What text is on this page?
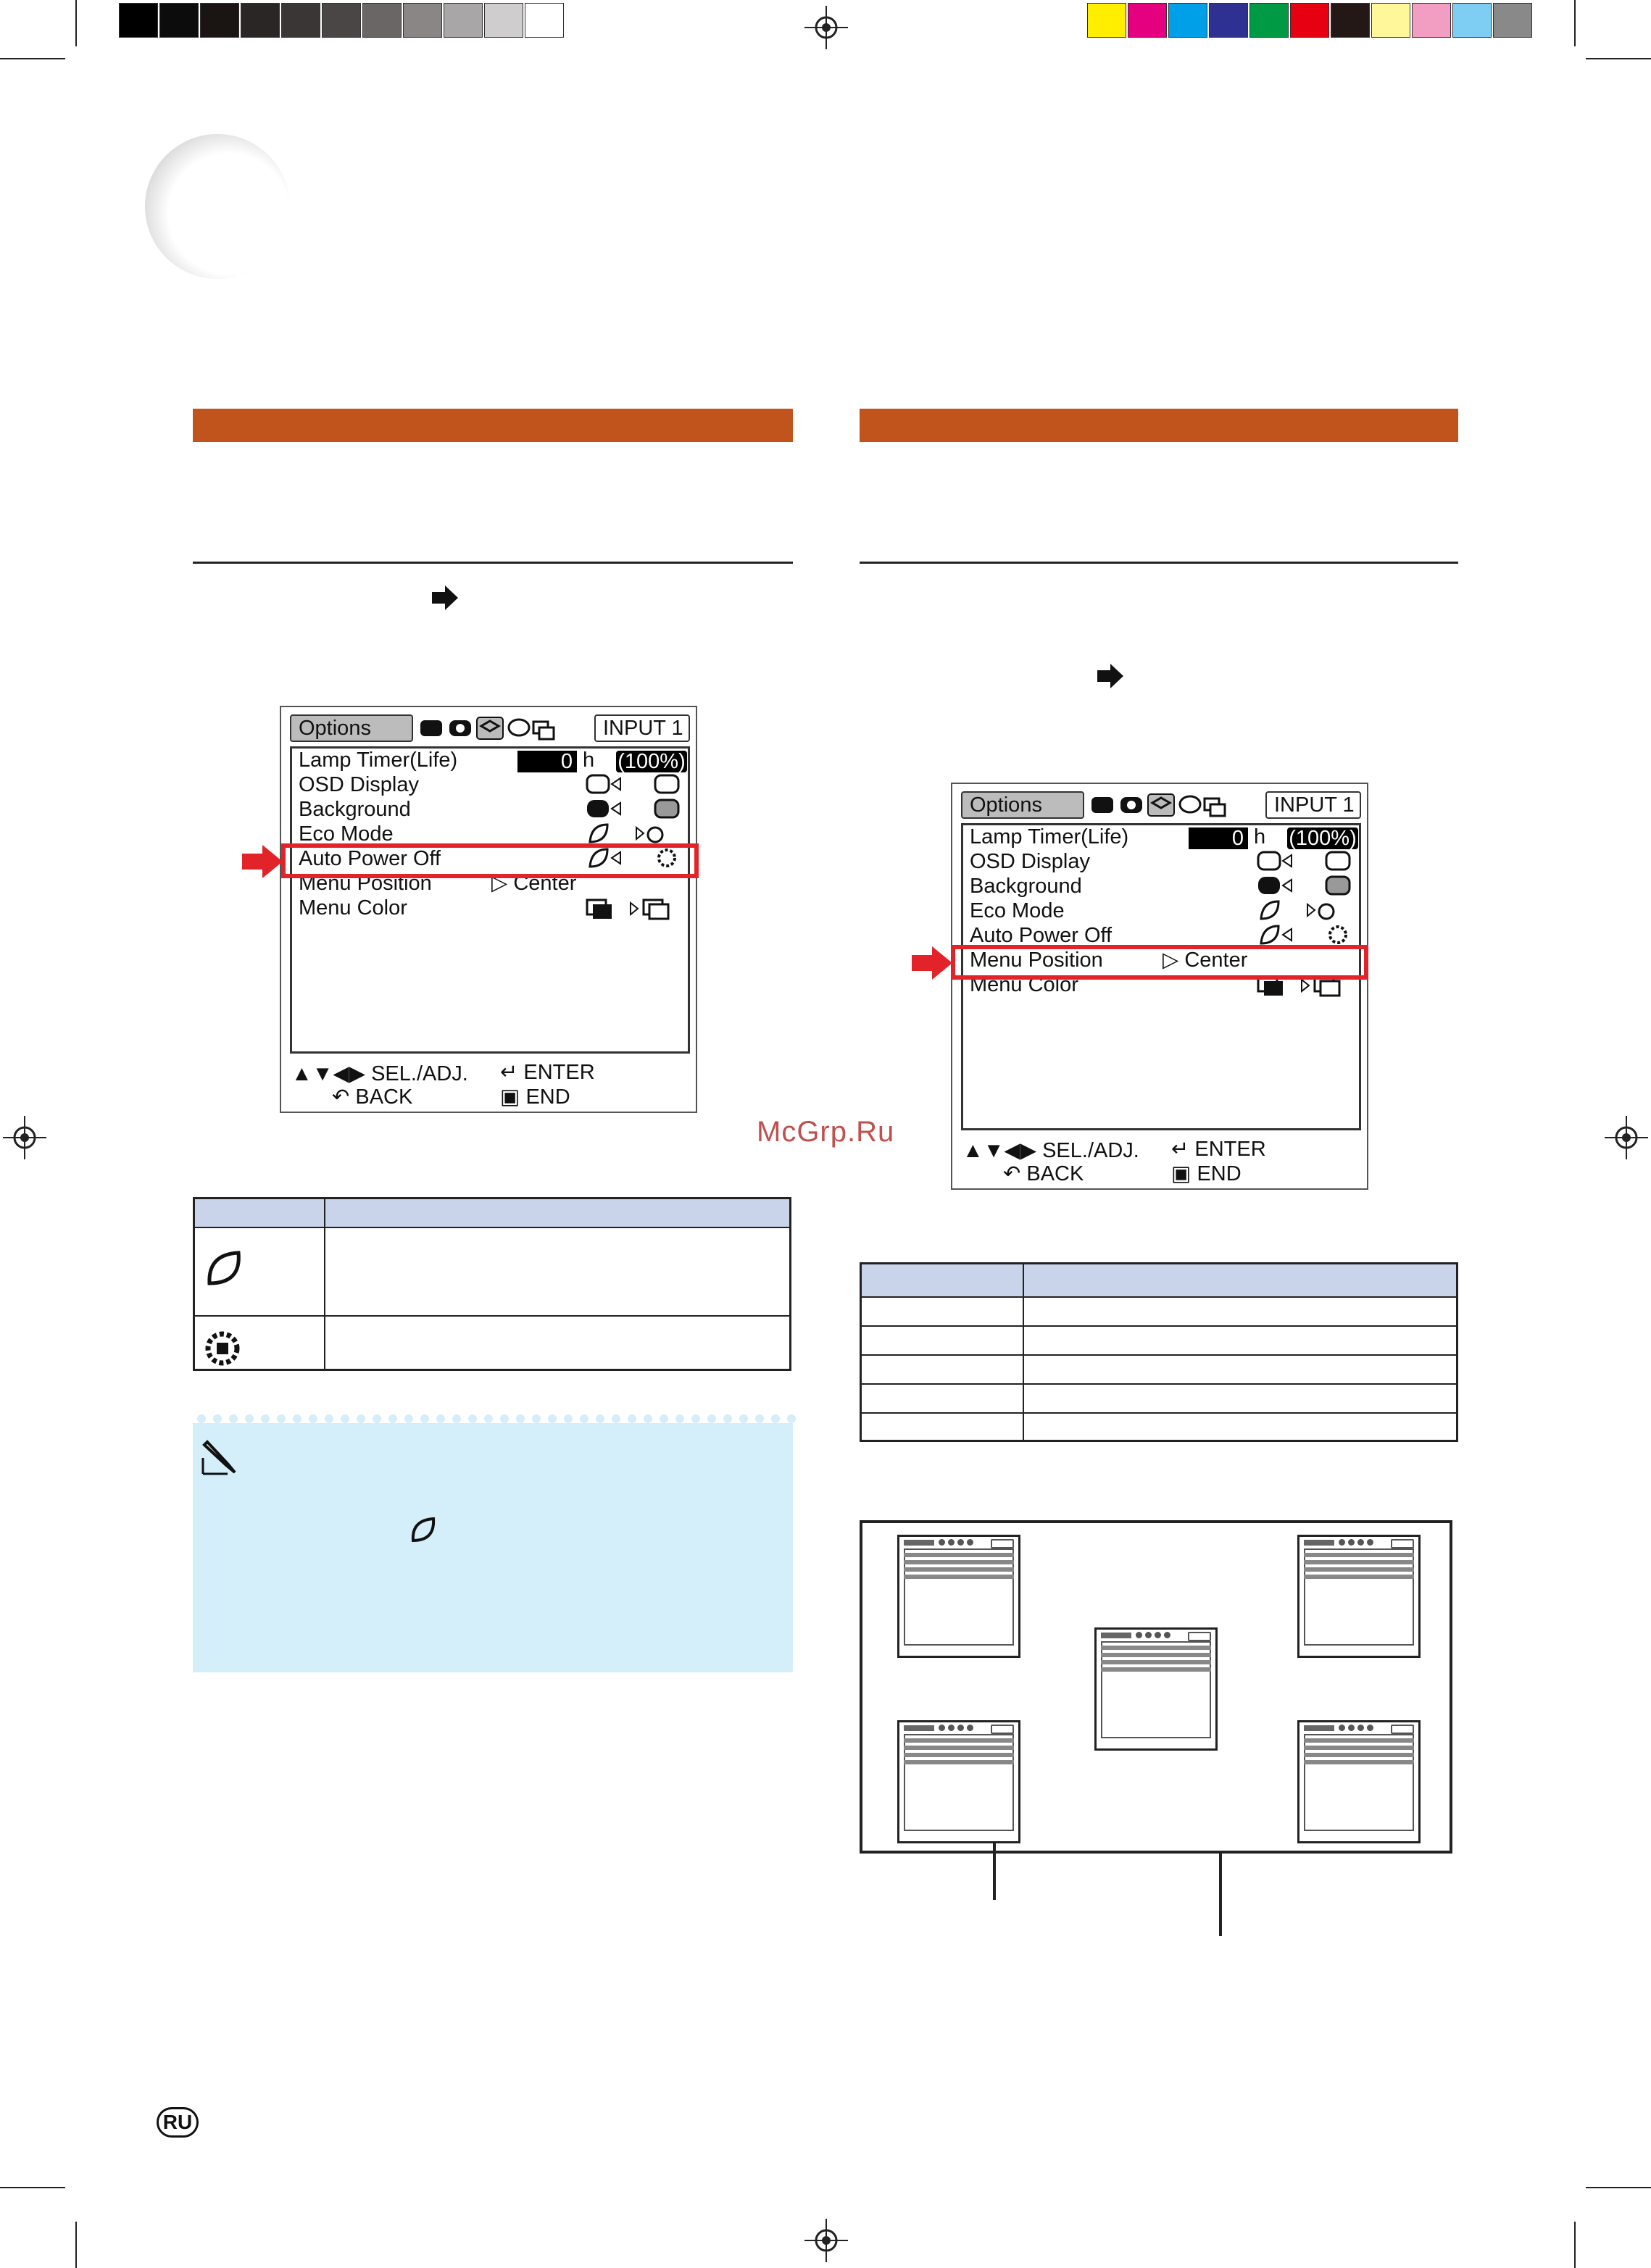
Options	INPUT 1
Lamp Timer(Life)	0 h (100%)
OSD Display
Background
Eco Mode
Auto Power Off
Menu Position
Menu Color
▷ Center
▲▼◀▶ SEL./ADJ. ↵ ENTER
↶ BACK	▣ END
Options	INPUT 1
Lamp Timer(Life)	0 h (100%)
OSD Display
Background
Eco Mode
Auto Power Off
Menu Position
Menu Color
▷ Center
▲▼◀▶ SEL./ADJ. ↵ ENTER
↶ BACK	▣ END
McGrp.Ru
RU
